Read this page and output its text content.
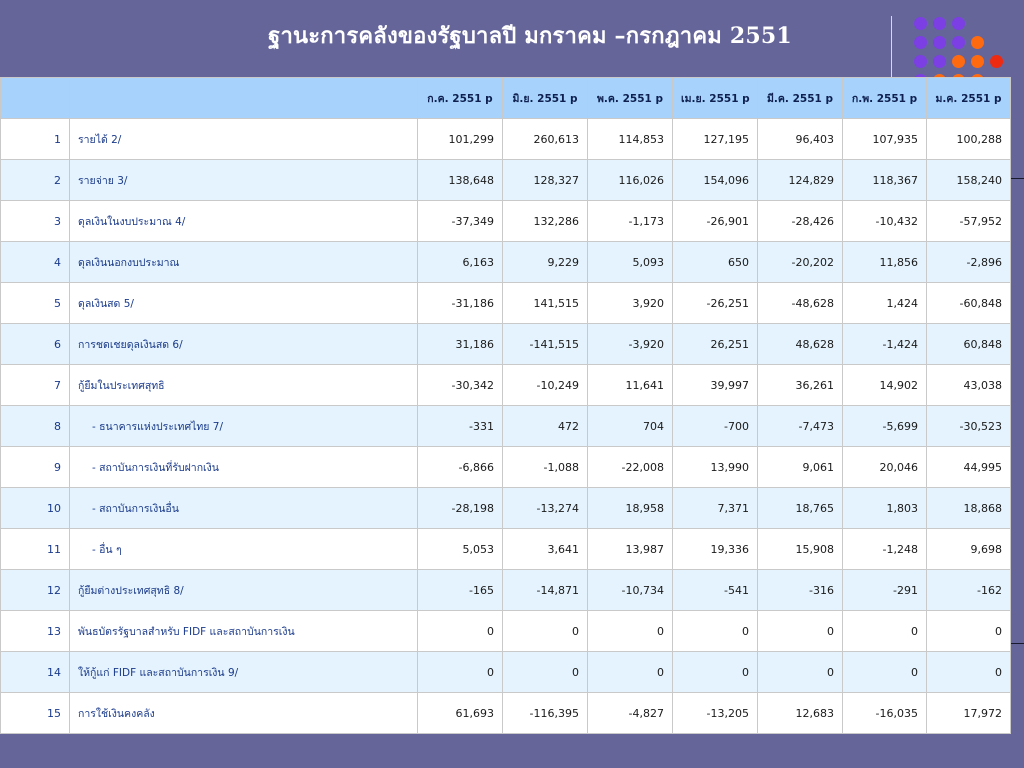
ฐานะการคลังของรัฐบาลปี มกราคม –กรกฎาคม 2551
		ก.ค. 2551 p	มิ.ย. 2551 p	พ.ค. 2551 p	เม.ย. 2551 p	มี.ค. 2551 p	ก.พ. 2551 p	ม.ค. 2551 p
1	รายได้ 2/	101,299	260,613	114,853	127,195	96,403	107,935	100,288
2	รายจ่าย 3/	138,648	128,327	116,026	154,096	124,829	118,367	158,240
3	ดุลเงินในงบประมาณ 4/	-37,349	132,286	-1,173	-26,901	-28,426	-10,432	-57,952
4	ดุลเงินนอกงบประมาณ	6,163	9,229	5,093	650	-20,202	11,856	-2,896
5	ดุลเงินสด 5/	-31,186	141,515	3,920	-26,251	-48,628	1,424	-60,848
6	การชดเชยดุลเงินสด 6/	31,186	-141,515	-3,920	26,251	48,628	-1,424	60,848
7	กู้ยืมในประเทศสุทธิ	-30,342	-10,249	11,641	39,997	36,261	14,902	43,038
8	- ธนาคารแห่งประเทศไทย 7/	-331	472	704	-700	-7,473	-5,699	-30,523
9	- สถาบันการเงินที่รับฝากเงิน	-6,866	-1,088	-22,008	13,990	9,061	20,046	44,995
10	- สถาบันการเงินอื่น	-28,198	-13,274	18,958	7,371	18,765	1,803	18,868
11	- อื่น ๆ	5,053	3,641	13,987	19,336	15,908	-1,248	9,698
12	กู้ยืมต่างประเทศสุทธิ 8/	-165	-14,871	-10,734	-541	-316	-291	-162
13	พันธบัตรรัฐบาลสำหรับ FIDF และสถาบันการเงิน	0	0	0	0	0	0	0
14	ให้กู้แก่ FIDF และสถาบันการเงิน 9/	0	0	0	0	0	0	0
15	การใช้เงินคงคลัง	61,693	-116,395	-4,827	-13,205	12,683	-16,035	17,972
